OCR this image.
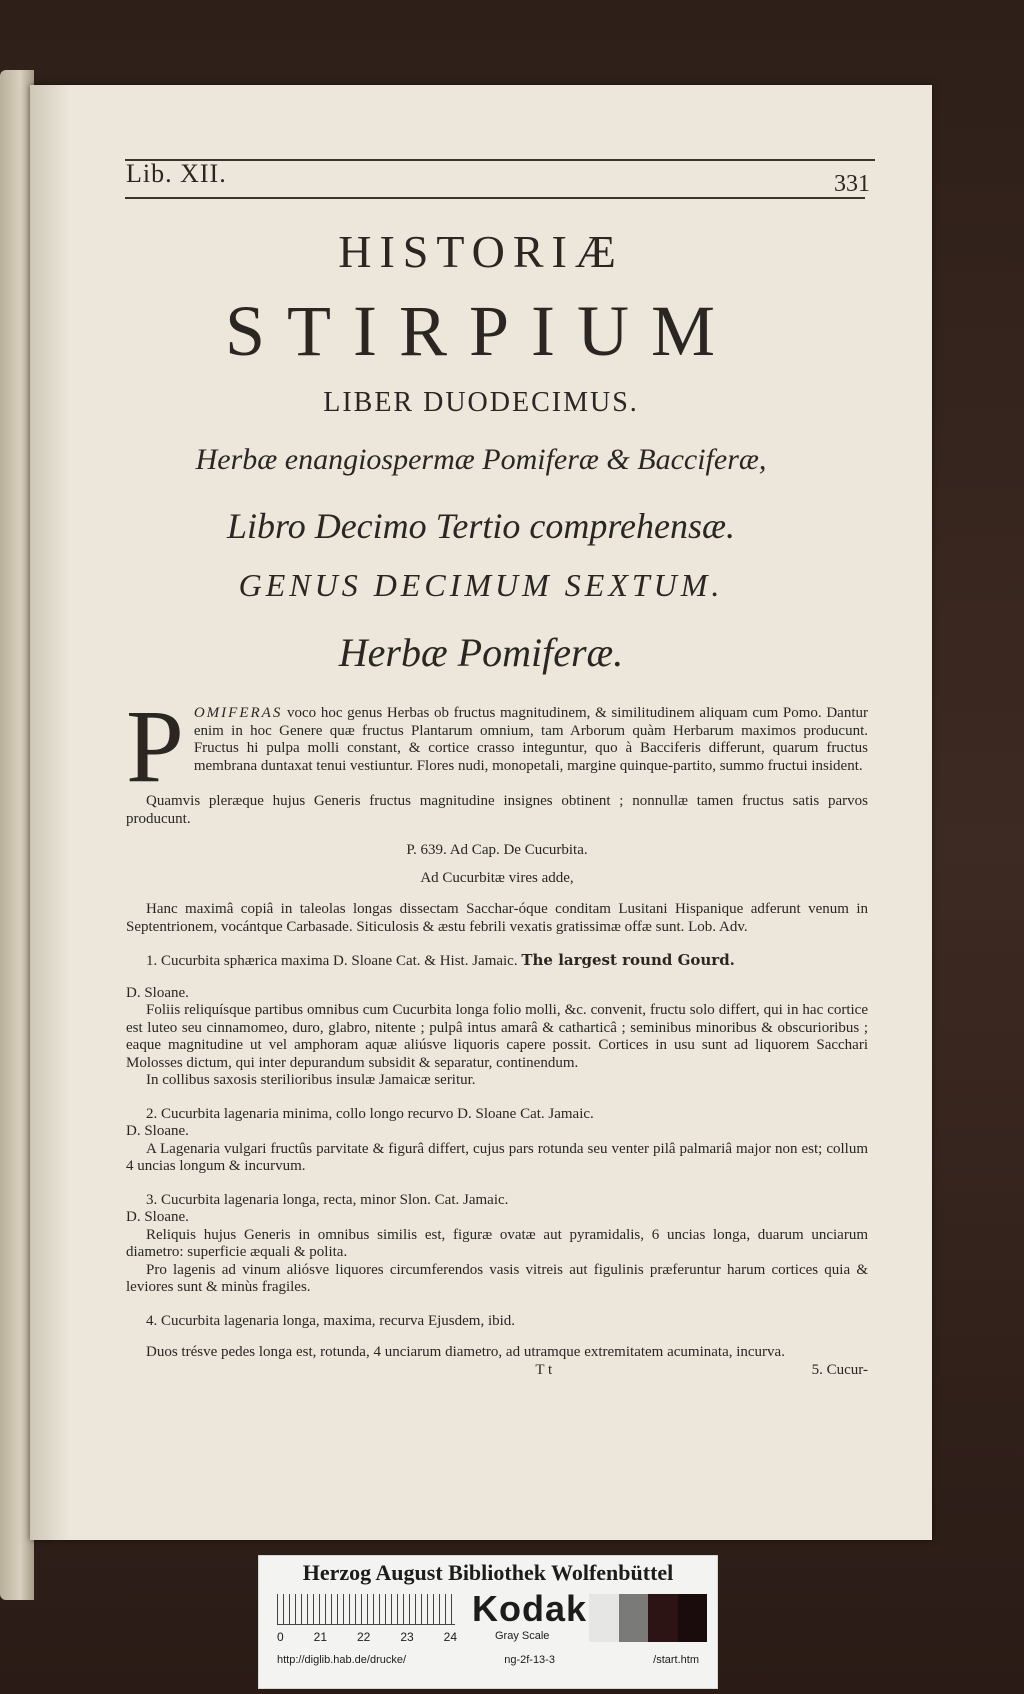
Lib. XII.	331
HISTORIÆ
STIRPIUM
LIBER DUODECIMUS.
Herbæ enangiospermæ Pomiferæ & Bacciferæ,
Libro Decimo Tertio comprehensæ.
GENUS DECIMUM SEXTUM.
Herbæ Pomiferæ.
P OMIFERAS voco hoc genus Herbas ob fructus magnitudinem, & similitudinem aliquam cum Pomo. Dantur enim in hoc Genere quæ fructus Plantarum omnium, tam Arborum quàm Herbarum maximos producunt. Fructus hi pulpa molli constant, & cortice crasso integuntur, quo à Bacciferis differunt, quarum fructus membrana duntaxat tenui vestiuntur. Flores nudi, monopetali, margine quinque-partito, summo fructui insident.

Quamvis pleræque hujus Generis fructus magnitudine insignes obtinent ; nonnullæ tamen fructus satis parvos producunt.

P. 639. Ad Cap. De Cucurbita.

Ad Cucurbitæ vires adde,

Hanc maximâ copiâ in taleolas longas dissectam Sacchar‑óque conditam Lusitani Hispanique adferunt venum in Septentrionem, vocántque Carbasade. Siticulosis & æstu febrili vexatis gratissimæ offæ sunt. Lob. Adv.

1. Cucurbita sphærica maxima D. Sloane Cat. & Hist. Jamaic. The largest round Gourd.

D. Sloane.

Foliis reliquísque partibus omnibus cum Cucurbita longa folio molli, &c. convenit, fructu solo differt, qui in hac cortice est luteo seu cinnamomeo, duro, glabro, nitente ; pulpâ intus amarâ & catharticâ ; seminibus minoribus & obscurioribus ; eaque magnitudine ut vel amphoram aquæ aliúsve liquoris capere possit. Cortices in usu sunt ad liquorem Sacchari Molosses dictum, qui inter depurandum subsidit & separatur, continendum.

In collibus saxosis sterilioribus insulæ Jamaicæ seritur.

2. Cucurbita lagenaria minima, collo longo recurvo D. Sloane Cat. Jamaic.

D. Sloane.

A Lagenaria vulgari fructûs parvitate & figurâ differt, cujus pars rotunda seu venter pilâ palmariâ major non est; collum 4 uncias longum & incurvum.

3. Cucurbita lagenaria longa, recta, minor Slon. Cat. Jamaic.

D. Sloane.

Reliquis hujus Generis in omnibus similis est, figuræ ovatæ aut pyramidalis, 6 uncias longa, duarum unciarum diametro: superficie æquali & polita.

Pro lagenis ad vinum aliósve liquores circumferendos vasis vitreis aut figulinis præferuntur harum cortices quia & leviores sunt & minùs fragiles.

4. Cucurbita lagenaria longa, maxima, recurva Ejusdem, ibid.

Duos trésve pedes longa est, rotunda, 4 unciarum diametro, ad utramque extremitatem acuminata, incurva.

T t	5. Cucur-
Herzog August Bibliothek Wolfenbüttel
0 21 22 23 24
Kodak
Gray Scale
http://diglib.hab.de/drucke/	ng-2f-13-3	/start.htm
